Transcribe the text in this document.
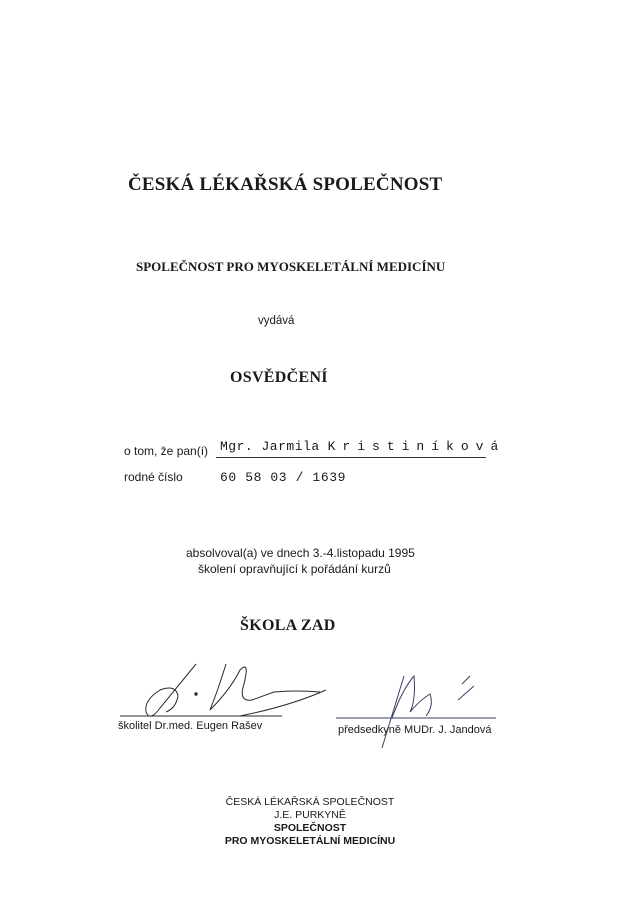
ČESKÁ LÉKAŘSKÁ SPOLEČNOST
SPOLEČNOST PRO MYOSKELETÁLNÍ MEDICÍNU
vydává
OSVĚDČENÍ
o tom, že pan(í) Mgr. Jarmila Kristiníková
rodné číslo	60 58 03 / 1639
absolvoval(a) ve dnech 3.-4.listopadu 1995
školení opravňující k pořádání kurzů
ŠKOLA ZAD
školitel Dr.med. Eugen Rašev	předsedkyně MUDr. J. Jandová
ČESKÁ LÉKAŘSKÁ SPOLEČNOST
J.E. PURKYNĚ
SPOLEČNOST
PRO MYOSKELETÁLNÍ MEDICÍNU
